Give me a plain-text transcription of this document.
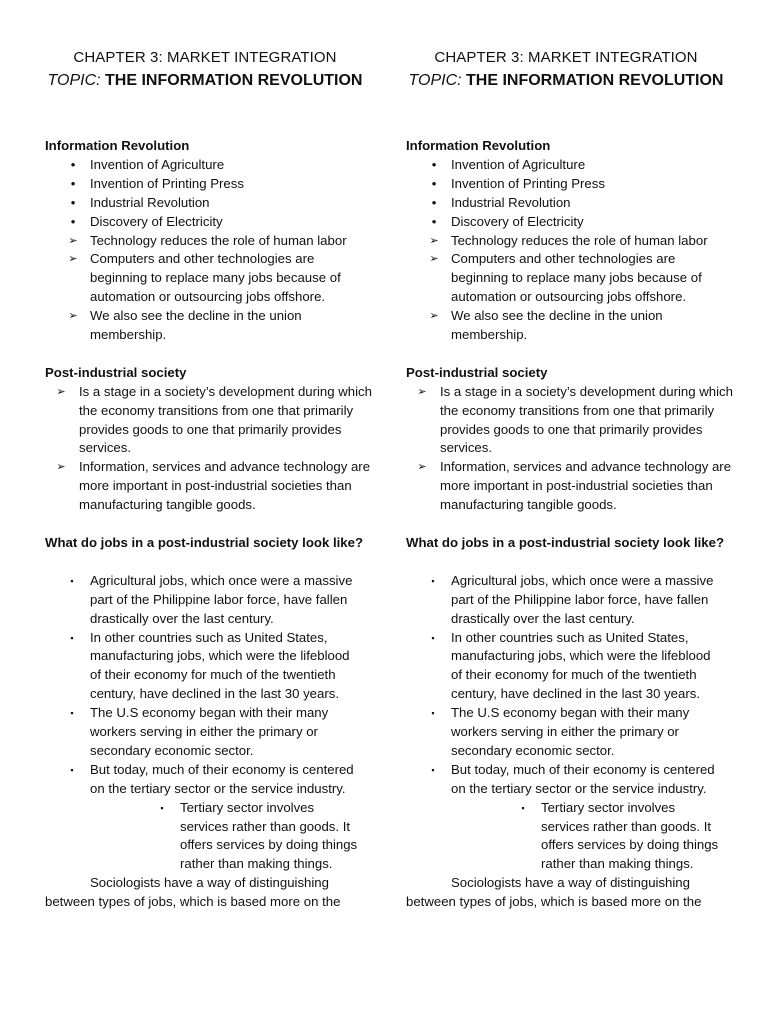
CHAPTER 3: MARKET INTEGRATION
TOPIC: THE INFORMATION REVOLUTION

Information Revolution

•	Invention of Agriculture
•	Invention of Printing Press
•	Industrial Revolution
•	Discovery of Electricity
➢ Technology reduces the role of human labor
➢ Computers and other technologies are beginning to replace many jobs because of automation or outsourcing jobs offshore.
➢ We also see the decline in the union membership.

Post-industrial society

➢ Is a stage in a society’s development during which the economy transitions from one that primarily provides goods to one that primarily provides services.
➢ Information, services and advance technology are more important in post-industrial societies than manufacturing tangible goods.

What do jobs in a post-industrial society look like?

▪	Agricultural jobs, which once were a massive part of the Philippine labor force, have fallen drastically over the last century.
▪	In other countries such as United States, manufacturing jobs, which were the lifeblood of their economy for much of the twentieth century, have declined in the last 30 years.
▪	The U.S economy began with their many workers serving in either the primary or secondary economic sector.
▪	But today, much of their economy is centered on the tertiary sector or the service industry.
▪	Tertiary sector involves services rather than goods. It offers services by doing things rather than making things.

Sociologists have a way of distinguishing between types of jobs, which is based more on the

CHAPTER 3: MARKET INTEGRATION
TOPIC: THE INFORMATION REVOLUTION

Information Revolution

•	Invention of Agriculture
•	Invention of Printing Press
•	Industrial Revolution
•	Discovery of Electricity
➢ Technology reduces the role of human labor
➢ Computers and other technologies are beginning to replace many jobs because of automation or outsourcing jobs offshore.
➢ We also see the decline in the union membership.

Post-industrial society

➢ Is a stage in a society’s development during which the economy transitions from one that primarily provides goods to one that primarily provides services.
➢ Information, services and advance technology are more important in post-industrial societies than manufacturing tangible goods.

What do jobs in a post-industrial society look like?

▪	Agricultural jobs, which once were a massive part of the Philippine labor force, have fallen drastically over the last century.
▪	In other countries such as United States, manufacturing jobs, which were the lifeblood of their economy for much of the twentieth century, have declined in the last 30 years.
▪	The U.S economy began with their many workers serving in either the primary or secondary economic sector.
▪	But today, much of their economy is centered on the tertiary sector or the service industry.
▪	Tertiary sector involves services rather than goods. It offers services by doing things rather than making things.

Sociologists have a way of distinguishing between types of jobs, which is based more on the
